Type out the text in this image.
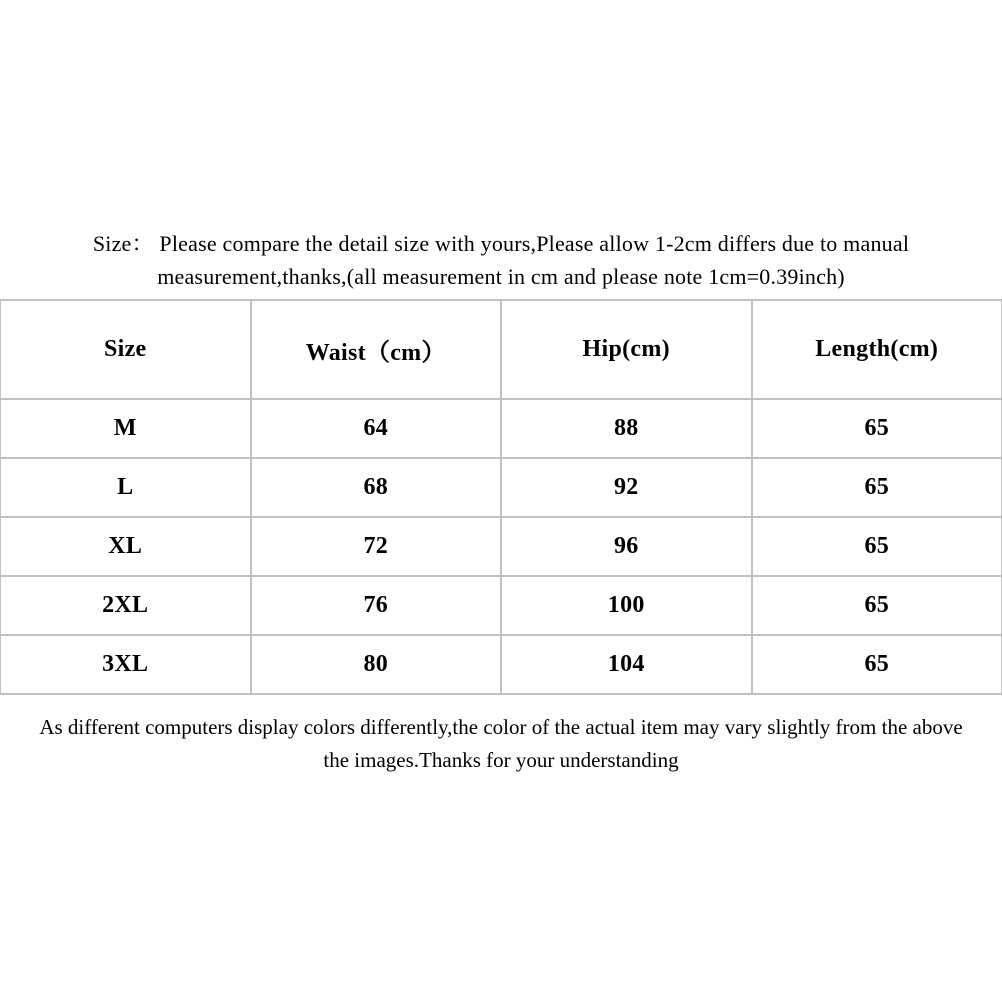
Size： Please compare the detail size with yours,Please allow 1-2cm differs due to manual
measurement,thanks,(all measurement in cm and please note 1cm=0.39inch)
Size	Waist（cm）	Hip(cm)	Length(cm)
M	64	88	65
L	68	92	65
XL	72	96	65
2XL	76	100	65
3XL	80	104	65
As different computers display colors differently,the color of the actual item may vary slightly from the above
the images.Thanks for your understanding
